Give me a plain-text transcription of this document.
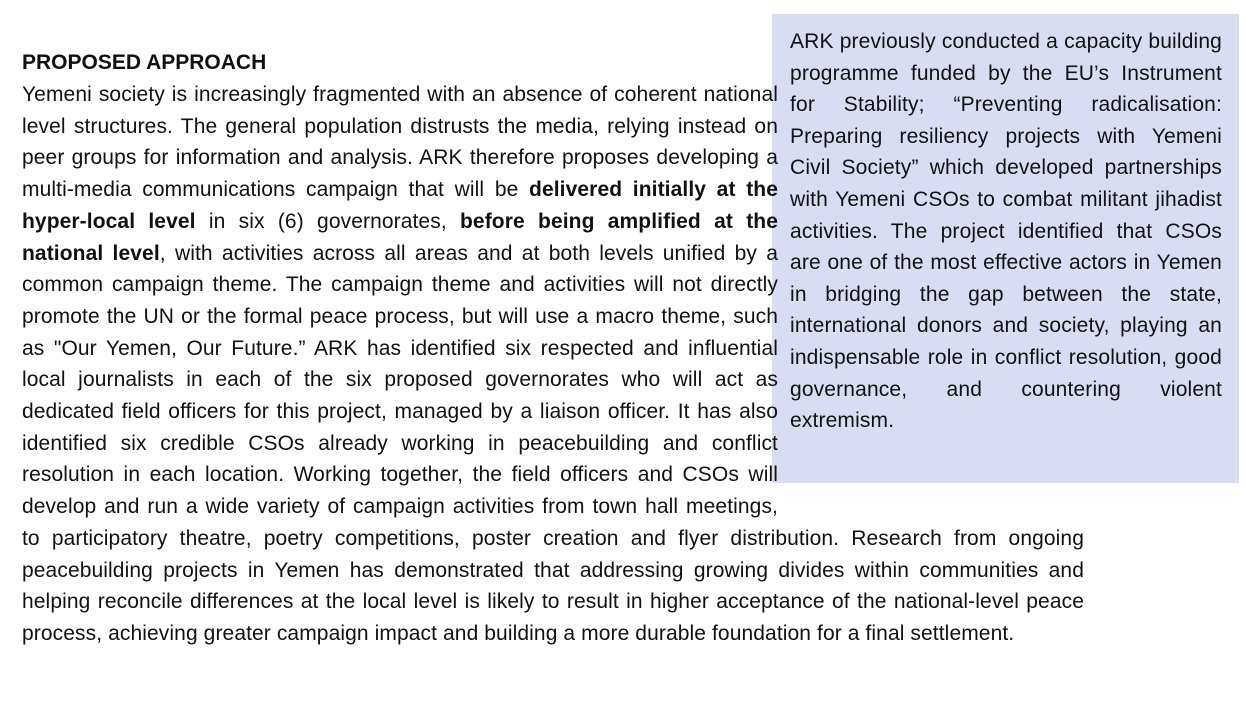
ARK previously conducted a capacity building programme funded by the EU’s Instrument for Stability; “Preventing radicalisation: Preparing resiliency projects with Yemeni Civil Society” which developed partnerships with Yemeni CSOs to combat militant jihadist activities. The project identified that CSOs are one of the most effective actors in Yemen in bridging the gap between the state, international donors and society, playing an indispensable role in conflict resolution, good governance, and countering violent extremism.

PROPOSED APPROACH

Yemeni society is increasingly fragmented with an absence of coherent national level structures. The general population distrusts the media, relying instead on peer groups for information and analysis. ARK therefore proposes developing a multi-media communications campaign that will be delivered initially at the hyper-local level in six (6) governorates, before being amplified at the national level, with activities across all areas and at both levels unified by a common campaign theme. The campaign theme and activities will not directly promote the UN or the formal peace process, but will use a macro theme, such as "Our Yemen, Our Future.” ARK has identified six respected and influential local journalists in each of the six proposed governorates who will act as dedicated field officers for this project, managed by a liaison officer. It has also identified six credible CSOs already working in peacebuilding and conflict resolution in each location. Working together, the field officers and CSOs will develop and run a wide variety of campaign activities from town hall meetings, to participatory theatre, poetry competitions, poster creation and flyer distribution. Research from ongoing peacebuilding projects in Yemen has demonstrated that addressing growing divides within communities and helping reconcile differences at the local level is likely to result in higher acceptance of the national-level peace process, achieving greater campaign impact and building a more durable foundation for a final settlement.
